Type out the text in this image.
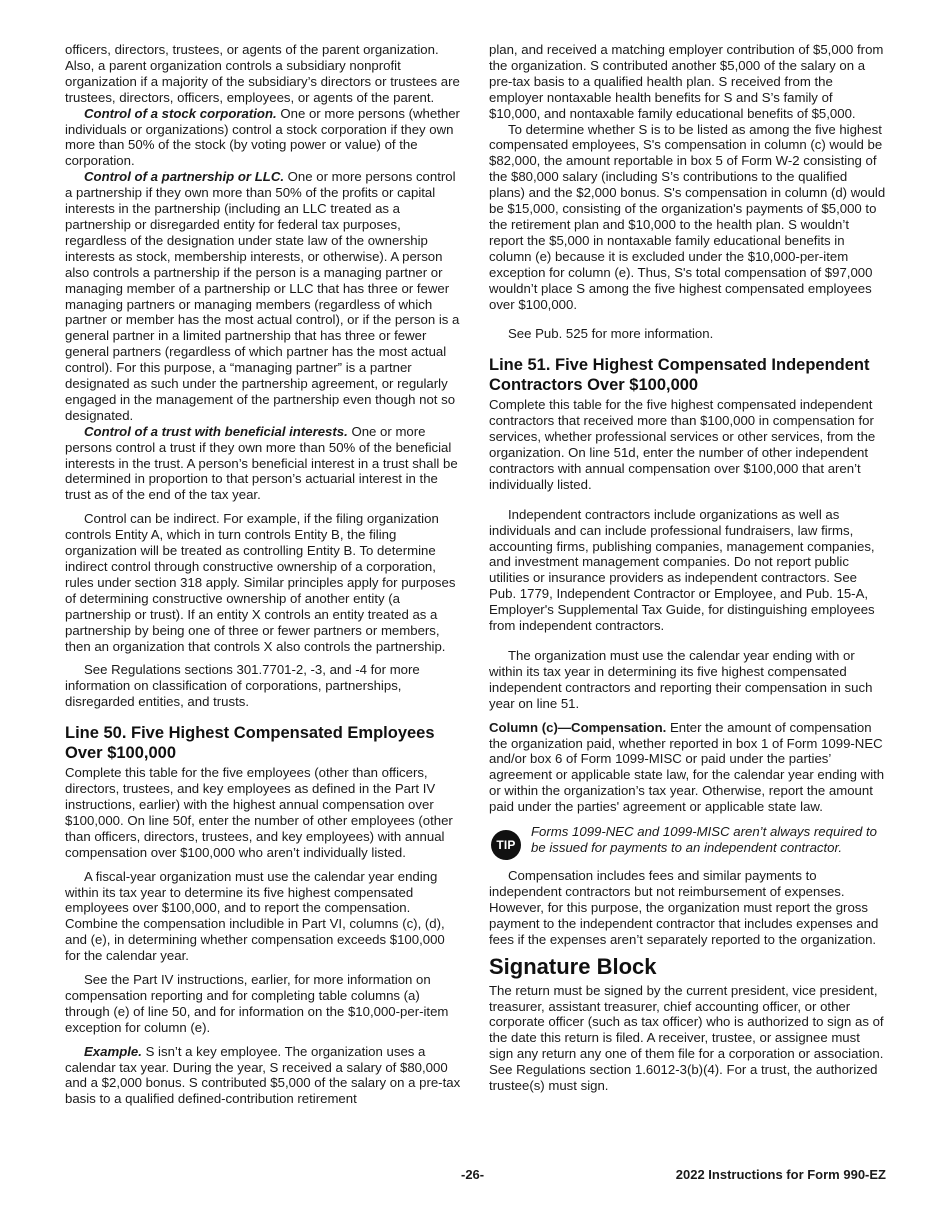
officers, directors, trustees, or agents of the parent organization. Also, a parent organization controls a subsidiary nonprofit organization if a majority of the subsidiary’s directors or trustees are trustees, directors, officers, employees, or agents of the parent.

Control of a stock corporation. One or more persons (whether individuals or organizations) control a stock corporation if they own more than 50% of the stock (by voting power or value) of the corporation.

Control of a partnership or LLC. One or more persons control a partnership if they own more than 50% of the profits or capital interests in the partnership (including an LLC treated as a partnership or disregarded entity for federal tax purposes, regardless of the designation under state law of the ownership interests as stock, membership interests, or otherwise). A person also controls a partnership if the person is a managing partner or managing member of a partnership or LLC that has three or fewer managing partners or managing members (regardless of which partner or member has the most actual control), or if the person is a general partner in a limited partnership that has three or fewer general partners (regardless of which partner has the most actual control). For this purpose, a “managing partner” is a partner designated as such under the partnership agreement, or regularly engaged in the management of the partnership even though not so designated.

Control of a trust with beneficial interests. One or more persons control a trust if they own more than 50% of the beneficial interests in the trust. A person’s beneficial interest in a trust shall be determined in proportion to that person’s actuarial interest in the trust as of the end of the tax year.

Control can be indirect. For example, if the filing organization controls Entity A, which in turn controls Entity B, the filing organization will be treated as controlling Entity B. To determine indirect control through constructive ownership of a corporation, rules under section 318 apply. Similar principles apply for purposes of determining constructive ownership of another entity (a partnership or trust). If an entity X controls an entity treated as a partnership by being one of three or fewer partners or members, then an organization that controls X also controls the partnership.

See Regulations sections 301.7701-2, -3, and -4 for more information on classification of corporations, partnerships, disregarded entities, and trusts.

Line 50. Five Highest Compensated Employees Over $100,000

Complete this table for the five employees (other than officers, directors, trustees, and key employees as defined in the Part IV instructions, earlier) with the highest annual compensation over $100,000. On line 50f, enter the number of other employees (other than officers, directors, trustees, and key employees) with annual compensation over $100,000 who aren’t individually listed.

A fiscal-year organization must use the calendar year ending within its tax year to determine its five highest compensated employees over $100,000, and to report the compensation. Combine the compensation includible in Part VI, columns (c), (d), and (e), in determining whether compensation exceeds $100,000 for the calendar year.

See the Part IV instructions, earlier, for more information on compensation reporting and for completing table columns (a) through (e) of line 50, and for information on the $10,000-per-item exception for column (e).

Example. S isn’t a key employee. The organization uses a calendar tax year. During the year, S received a salary of $80,000 and a $2,000 bonus. S contributed $5,000 of the salary on a pre-tax basis to a qualified defined-contribution retirement

plan, and received a matching employer contribution of $5,000 from the organization. S contributed another $5,000 of the salary on a pre-tax basis to a qualified health plan. S received from the employer nontaxable health benefits for S and S’s family of $10,000, and nontaxable family educational benefits of $5,000.

To determine whether S is to be listed as among the five highest compensated employees, S's compensation in column (c) would be $82,000, the amount reportable in box 5 of Form W-2 consisting of the $80,000 salary (including S’s contributions to the qualified plans) and the $2,000 bonus. S's compensation in column (d) would be $15,000, consisting of the organization's payments of $5,000 to the retirement plan and $10,000 to the health plan. S wouldn’t report the $5,000 in nontaxable family educational benefits in column (e) because it is excluded under the $10,000-per-item exception for column (e). Thus, S's total compensation of $97,000 wouldn’t place S among the five highest compensated employees over $100,000.

See Pub. 525 for more information.

Line 51. Five Highest Compensated Independent Contractors Over $100,000

Complete this table for the five highest compensated independent contractors that received more than $100,000 in compensation for services, whether professional services or other services, from the organization. On line 51d, enter the number of other independent contractors with annual compensation over $100,000 that aren’t individually listed.

Independent contractors include organizations as well as individuals and can include professional fundraisers, law firms, accounting firms, publishing companies, management companies, and investment management companies. Do not report public utilities or insurance providers as independent contractors. See Pub. 1779, Independent Contractor or Employee, and Pub. 15-A, Employer's Supplemental Tax Guide, for distinguishing employees from independent contractors.

The organization must use the calendar year ending with or within its tax year in determining its five highest compensated independent contractors and reporting their compensation in such year on line 51.

Column (c)—Compensation. Enter the amount of compensation the organization paid, whether reported in box 1 of Form 1099-NEC and/or box 6 of Form 1099-MISC or paid under the parties’ agreement or applicable state law, for the calendar year ending with or within the organization’s tax year. Otherwise, report the amount paid under the parties' agreement or applicable state law.

TIP
Forms 1099-NEC and 1099-MISC aren’t always required to be issued for payments to an independent contractor.

Compensation includes fees and similar payments to independent contractors but not reimbursement of expenses. However, for this purpose, the organization must report the gross payment to the independent contractor that includes expenses and fees if the expenses aren’t separately reported to the organization.

Signature Block

The return must be signed by the current president, vice president, treasurer, assistant treasurer, chief accounting officer, or other corporate officer (such as tax officer) who is authorized to sign as of the date this return is filed. A receiver, trustee, or assignee must sign any return any one of them file for a corporation or association. See Regulations section 1.6012-3(b)(4). For a trust, the authorized trustee(s) must sign.

-26-	2022 Instructions for Form 990-EZ
